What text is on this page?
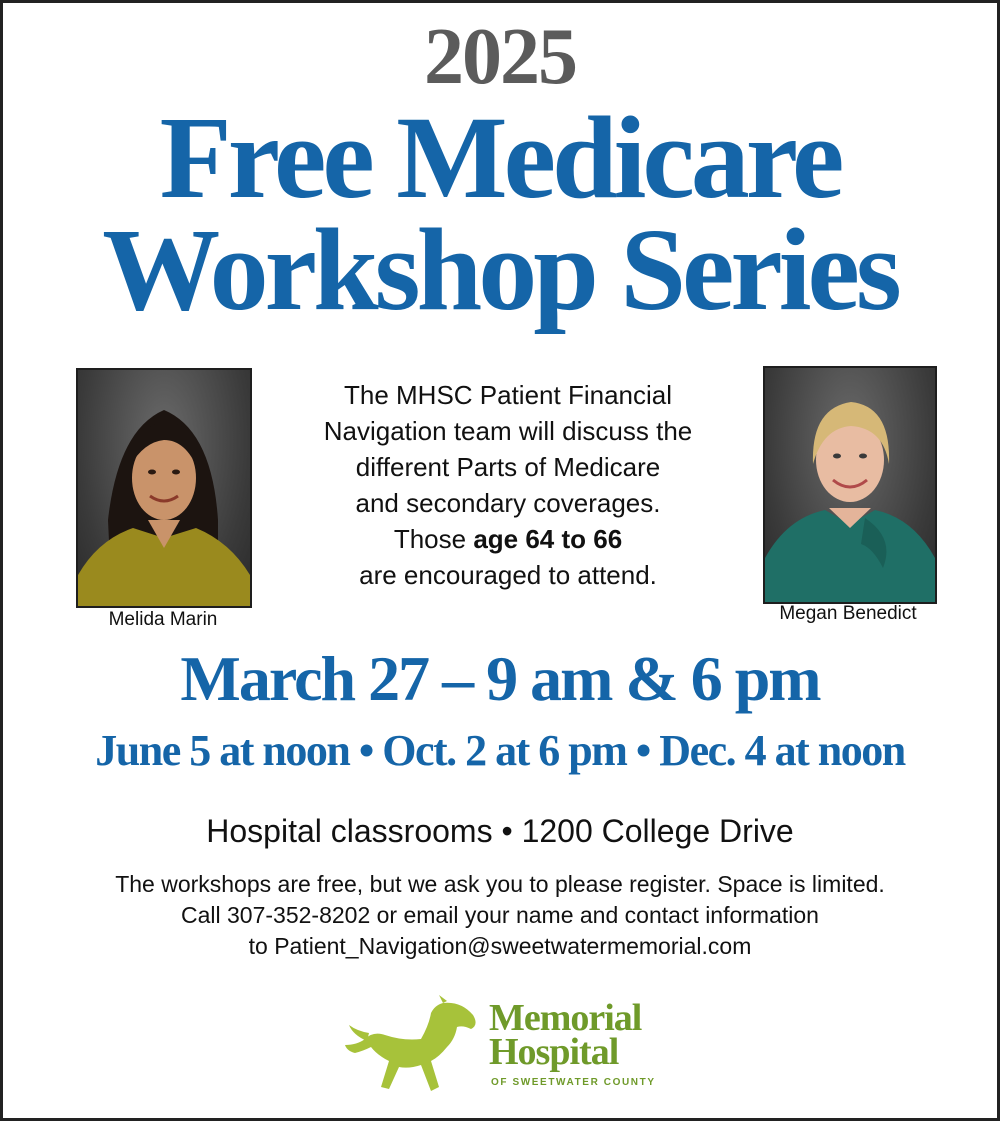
2025
Free Medicare
Workshop Series
Melida Marin
The MHSC Patient Financial
Navigation team will discuss the
different Parts of Medicare
and secondary coverages.
Those age 64 to 66
are encouraged to attend.
Megan Benedict
March 27 – 9 am & 6 pm
June 5 at noon • Oct. 2 at 6 pm • Dec. 4 at noon
Hospital classrooms • 1200 College Drive
The workshops are free, but we ask you to please register. Space is limited.
Call 307-352-8202 or email your name and contact information
to Patient_Navigation@sweetwatermemorial.com
Memorial
Hospital
OF SWEETWATER COUNTY
